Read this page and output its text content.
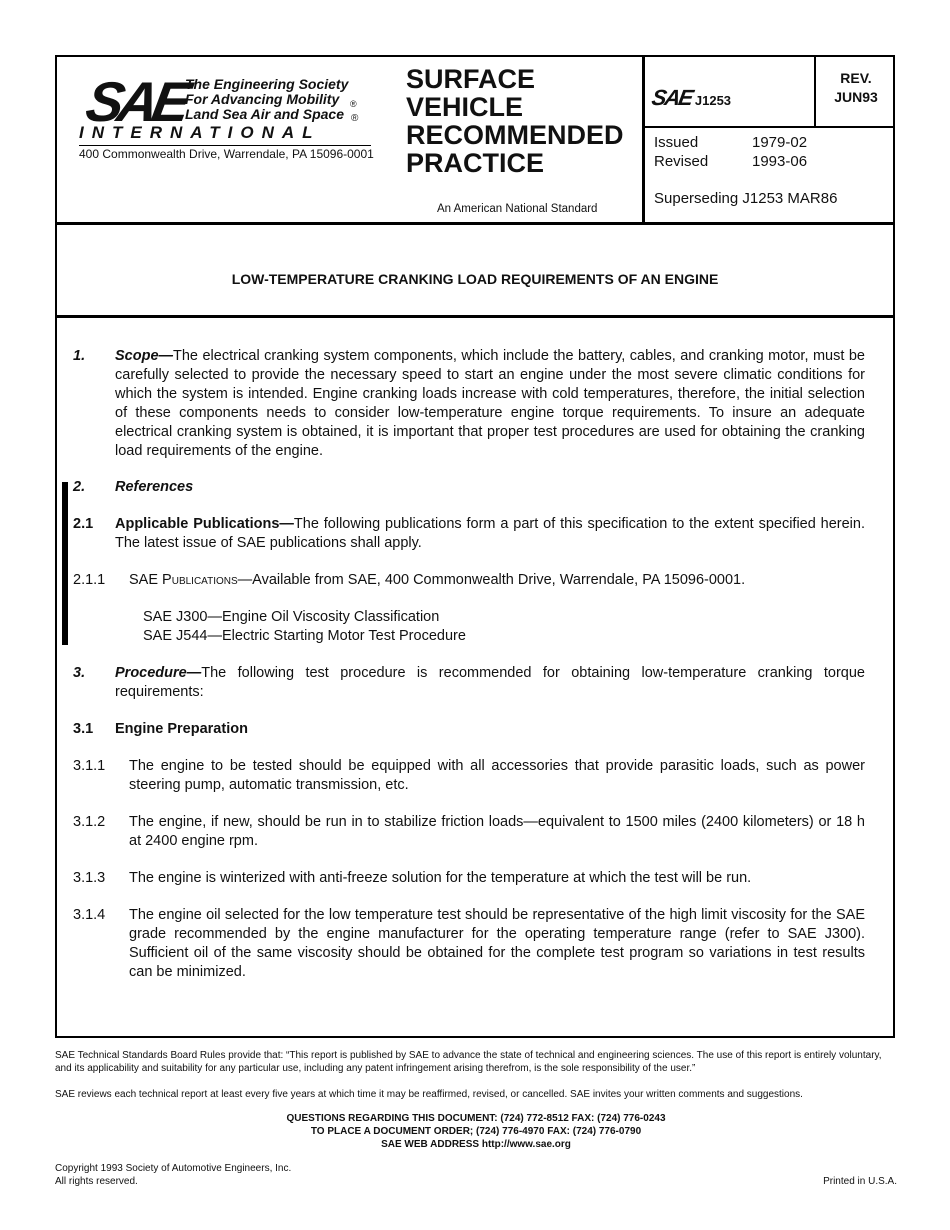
SAE
The Engineering Society
For Advancing Mobility
Land Sea Air and Space
®
INTERNATIONAL
®
400 Commonwealth Drive, Warrendale, PA 15096-0001
SURFACE
VEHICLE
RECOMMENDED
PRACTICE
An American National Standard
SAE J1253
REV.
JUN93
Issued	1979-02
Revised	1993-06
Superseding J1253 MAR86
LOW-TEMPERATURE CRANKING LOAD REQUIREMENTS OF AN ENGINE
1. Scope—The electrical cranking system components, which include the battery, cables, and cranking motor, must be carefully selected to provide the necessary speed to start an engine under the most severe climatic conditions for which the system is intended. Engine cranking loads increase with cold temperatures, therefore, the initial selection of these components needs to consider low-temperature engine torque requirements. To insure an adequate electrical cranking system is obtained, it is important that proper test procedures are used for obtaining the cranking load requirements of the engine.
2. References
2.1 Applicable Publications—The following publications form a part of this specification to the extent specified herein. The latest issue of SAE publications shall apply.
2.1.1 SAE Publications—Available from SAE, 400 Commonwealth Drive, Warrendale, PA 15096-0001.
SAE J300—Engine Oil Viscosity Classification
SAE J544—Electric Starting Motor Test Procedure
3. Procedure—The following test procedure is recommended for obtaining low-temperature cranking torque requirements:
3.1 Engine Preparation
3.1.1 The engine to be tested should be equipped with all accessories that provide parasitic loads, such as power steering pump, automatic transmission, etc.
3.1.2 The engine, if new, should be run in to stabilize friction loads—equivalent to 1500 miles (2400 kilometers) or 18 h at 2400 engine rpm.
3.1.3 The engine is winterized with anti-freeze solution for the temperature at which the test will be run.
3.1.4 The engine oil selected for the low temperature test should be representative of the high limit viscosity for the SAE grade recommended by the engine manufacturer for the operating temperature range (refer to SAE J300). Sufficient oil of the same viscosity should be obtained for the complete test program so variations in test results can be minimized.
SAE Technical Standards Board Rules provide that: “This report is published by SAE to advance the state of technical and engineering sciences. The use of this report is entirely voluntary, and its applicability and suitability for any particular use, including any patent infringement arising therefrom, is the sole responsibility of the user.”
SAE reviews each technical report at least every five years at which time it may be reaffirmed, revised, or cancelled. SAE invites your written comments and suggestions.
QUESTIONS REGARDING THIS DOCUMENT: (724) 772-8512 FAX: (724) 776-0243
TO PLACE A DOCUMENT ORDER; (724) 776-4970 FAX: (724) 776-0790
SAE WEB ADDRESS http://www.sae.org
Copyright 1993 Society of Automotive Engineers, Inc.
All rights reserved.	Printed in U.S.A.
